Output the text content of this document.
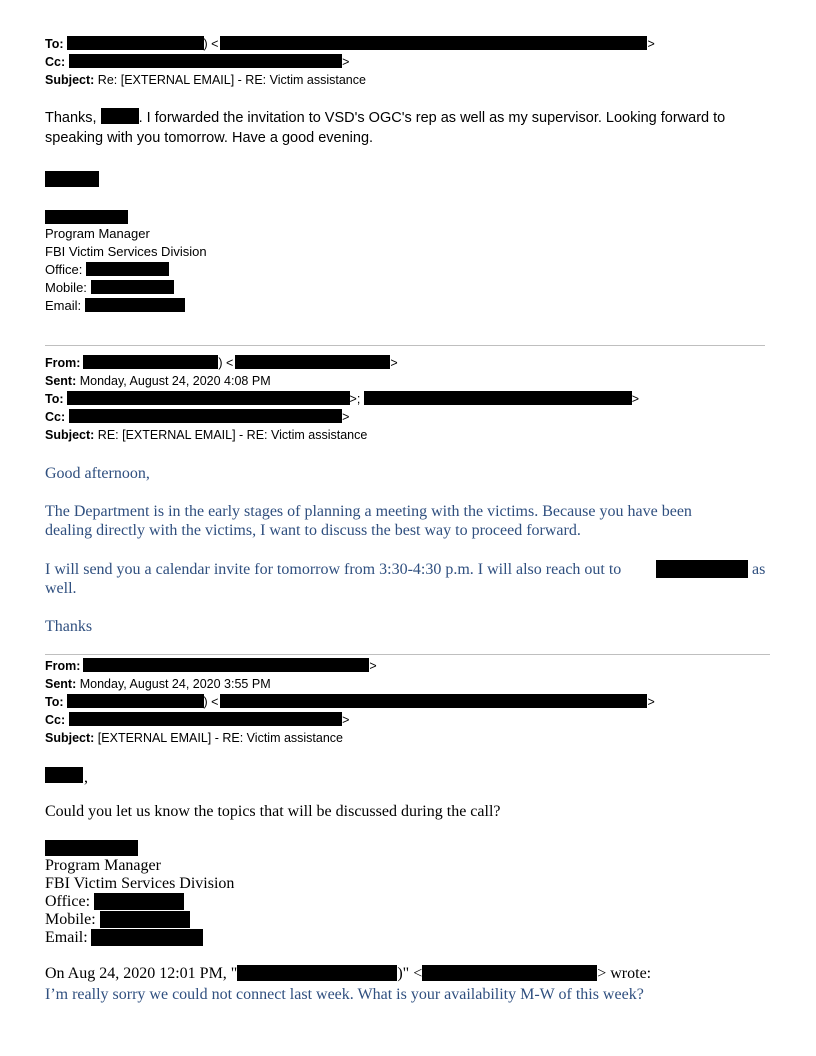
To:	) <	>
Cc:	>
Subject: Re: [EXTERNAL EMAIL] - RE: Victim assistance
Thanks,	. I forwarded the invitation to VSD's OGC's rep as well as my supervisor. Looking forward to
speaking with you tomorrow. Have a good evening.
Program Manager
FBI Victim Services Division
Office:
Mobile:
Email:
From:	) <	>
Sent: Monday, August 24, 2020 4:08 PM
To:	>;	>
Cc:	>
Subject: RE: [EXTERNAL EMAIL] - RE: Victim assistance
Good afternoon,
The Department is in the early stages of planning a meeting with the victims. Because you have been
dealing directly with the victims, I want to discuss the best way to proceed forward.
I will send you a calendar invite for tomorrow from 3:30-4:30 p.m. I will also reach out to	as
well.
Thanks
From:	>
Sent: Monday, August 24, 2020 3:55 PM
To:	) <	>
Cc:	>
Subject: [EXTERNAL EMAIL] - RE: Victim assistance
,
Could you let us know the topics that will be discussed during the call?
Program Manager
FBI Victim Services Division
Office:
Mobile:
Email:
On Aug 24, 2020 12:01 PM, "	)" <	> wrote:
I’m really sorry we could not connect last week. What is your availability M-W of this week?
